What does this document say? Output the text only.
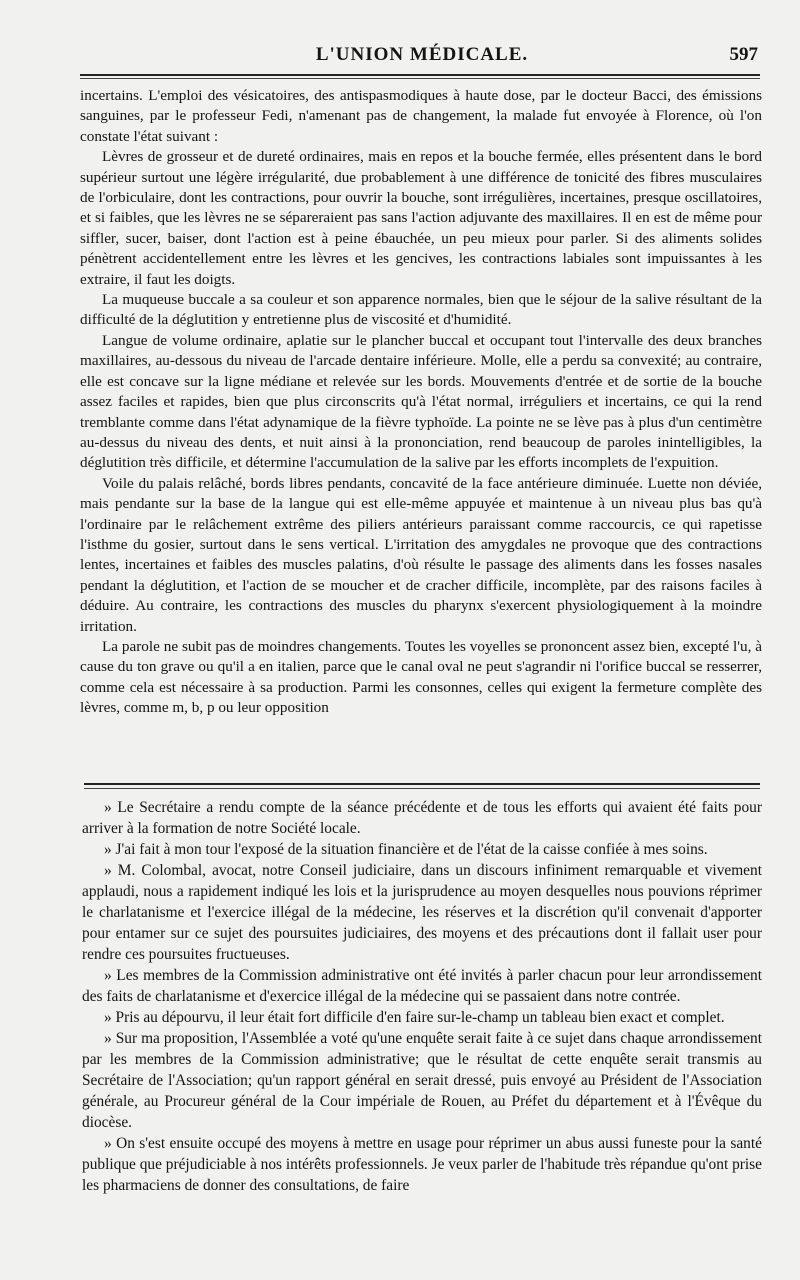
L'UNION MÉDICALE.	597

incertains. L'emploi des vésicatoires, des antispasmodiques à haute dose, par le docteur Bacci, des émissions sanguines, par le professeur Fedi, n'amenant pas de changement, la malade fut envoyée à Florence, où l'on constate l'état suivant :

Lèvres de grosseur et de dureté ordinaires, mais en repos et la bouche fermée, elles présentent dans le bord supérieur surtout une légère irrégularité, due probablement à une différence de tonicité des fibres musculaires de l'orbiculaire, dont les contractions, pour ouvrir la bouche, sont irrégulières, incertaines, presque oscillatoires, et si faibles, que les lèvres ne se sépareraient pas sans l'action adjuvante des maxillaires. Il en est de même pour siffler, sucer, baiser, dont l'action est à peine ébauchée, un peu mieux pour parler. Si des aliments solides pénètrent accidentellement entre les lèvres et les gencives, les contractions labiales sont impuissantes à les extraire, il faut les doigts.

La muqueuse buccale a sa couleur et son apparence normales, bien que le séjour de la salive résultant de la difficulté de la déglutition y entretienne plus de viscosité et d'humidité.

Langue de volume ordinaire, aplatie sur le plancher buccal et occupant tout l'intervalle des deux branches maxillaires, au-dessous du niveau de l'arcade dentaire inférieure. Molle, elle a perdu sa convexité; au contraire, elle est concave sur la ligne médiane et relevée sur les bords. Mouvements d'entrée et de sortie de la bouche assez faciles et rapides, bien que plus circonscrits qu'à l'état normal, irréguliers et incertains, ce qui la rend tremblante comme dans l'état adynamique de la fièvre typhoïde. La pointe ne se lève pas à plus d'un centimètre au-dessus du niveau des dents, et nuit ainsi à la prononciation, rend beaucoup de paroles inintelligibles, la déglutition très difficile, et détermine l'accumulation de la salive par les efforts incomplets de l'expuition.

Voile du palais relâché, bords libres pendants, concavité de la face antérieure diminuée. Luette non déviée, mais pendante sur la base de la langue qui est elle-même appuyée et maintenue à un niveau plus bas qu'à l'ordinaire par le relâchement extrême des piliers antérieurs paraissant comme raccourcis, ce qui rapetisse l'isthme du gosier, surtout dans le sens vertical. L'irritation des amygdales ne provoque que des contractions lentes, incertaines et faibles des muscles palatins, d'où résulte le passage des aliments dans les fosses nasales pendant la déglutition, et l'action de se moucher et de cracher difficile, incomplète, par des raisons faciles à déduire. Au contraire, les contractions des muscles du pharynx s'exercent physiologiquement à la moindre irritation.

La parole ne subit pas de moindres changements. Toutes les voyelles se prononcent assez bien, excepté l'u, à cause du ton grave ou qu'il a en italien, parce que le canal oval ne peut s'agrandir ni l'orifice buccal se resserrer, comme cela est nécessaire à sa production. Parmi les consonnes, celles qui exigent la fermeture complète des lèvres, comme m, b, p ou leur opposition

» Le Secrétaire a rendu compte de la séance précédente et de tous les efforts qui avaient été faits pour arriver à la formation de notre Société locale.

» J'ai fait à mon tour l'exposé de la situation financière et de l'état de la caisse confiée à mes soins.

» M. Colombal, avocat, notre Conseil judiciaire, dans un discours infiniment remarquable et vivement applaudi, nous a rapidement indiqué les lois et la jurisprudence au moyen desquelles nous pouvions réprimer le charlatanisme et l'exercice illégal de la médecine, les réserves et la discrétion qu'il convenait d'apporter pour entamer sur ce sujet des poursuites judiciaires, des moyens et des précautions dont il fallait user pour rendre ces poursuites fructueuses.

» Les membres de la Commission administrative ont été invités à parler chacun pour leur arrondissement des faits de charlatanisme et d'exercice illégal de la médecine qui se passaient dans notre contrée.

» Pris au dépourvu, il leur était fort difficile d'en faire sur-le-champ un tableau bien exact et complet.

» Sur ma proposition, l'Assemblée a voté qu'une enquête serait faite à ce sujet dans chaque arrondissement par les membres de la Commission administrative; que le résultat de cette enquête serait transmis au Secrétaire de l'Association; qu'un rapport général en serait dressé, puis envoyé au Président de l'Association générale, au Procureur général de la Cour impériale de Rouen, au Préfet du département et à l'Évêque du diocèse.

» On s'est ensuite occupé des moyens à mettre en usage pour réprimer un abus aussi funeste pour la santé publique que préjudiciable à nos intérêts professionnels. Je veux parler de l'habitude très répandue qu'ont prise les pharmaciens de donner des consultations, de faire
